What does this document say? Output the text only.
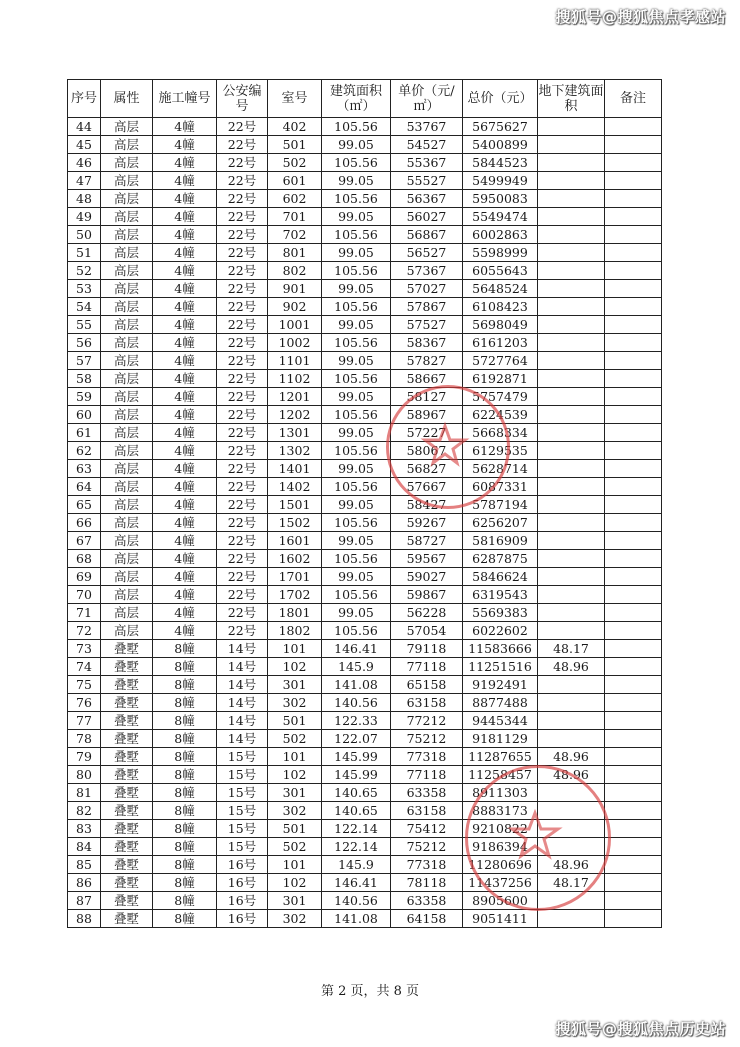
搜狐号@搜狐焦点孝感站
序号	属性	施工幢号	公安编号	室号	建筑面积（㎡）	单价（元/㎡）	总价（元）	地下建筑面积	备注
44	高层	4幢	22号	402	105.56	53767	5675627		
45	高层	4幢	22号	501	99.05	54527	5400899		
46	高层	4幢	22号	502	105.56	55367	5844523		
47	高层	4幢	22号	601	99.05	55527	5499949		
48	高层	4幢	22号	602	105.56	56367	5950083		
49	高层	4幢	22号	701	99.05	56027	5549474		
50	高层	4幢	22号	702	105.56	56867	6002863		
51	高层	4幢	22号	801	99.05	56527	5598999		
52	高层	4幢	22号	802	105.56	57367	6055643		
53	高层	4幢	22号	901	99.05	57027	5648524		
54	高层	4幢	22号	902	105.56	57867	6108423		
55	高层	4幢	22号	1001	99.05	57527	5698049		
56	高层	4幢	22号	1002	105.56	58367	6161203		
57	高层	4幢	22号	1101	99.05	57827	5727764		
58	高层	4幢	22号	1102	105.56	58667	6192871		
59	高层	4幢	22号	1201	99.05	58127	5757479		
60	高层	4幢	22号	1202	105.56	58967	6224539		
61	高层	4幢	22号	1301	99.05	57227	5668334		
62	高层	4幢	22号	1302	105.56	58067	6129535		
63	高层	4幢	22号	1401	99.05	56827	5628714		
64	高层	4幢	22号	1402	105.56	57667	6087331		
65	高层	4幢	22号	1501	99.05	58427	5787194		
66	高层	4幢	22号	1502	105.56	59267	6256207		
67	高层	4幢	22号	1601	99.05	58727	5816909		
68	高层	4幢	22号	1602	105.56	59567	6287875		
69	高层	4幢	22号	1701	99.05	59027	5846624		
70	高层	4幢	22号	1702	105.56	59867	6319543		
71	高层	4幢	22号	1801	99.05	56228	5569383		
72	高层	4幢	22号	1802	105.56	57054	6022602		
73	叠墅	8幢	14号	101	146.41	79118	11583666	48.17	
74	叠墅	8幢	14号	102	145.9	77118	11251516	48.96	
75	叠墅	8幢	14号	301	141.08	65158	9192491		
76	叠墅	8幢	14号	302	140.56	63158	8877488		
77	叠墅	8幢	14号	501	122.33	77212	9445344		
78	叠墅	8幢	14号	502	122.07	75212	9181129		
79	叠墅	8幢	15号	101	145.99	77318	11287655	48.96	
80	叠墅	8幢	15号	102	145.99	77118	11258457	48.96	
81	叠墅	8幢	15号	301	140.65	63358	8911303		
82	叠墅	8幢	15号	302	140.65	63158	8883173		
83	叠墅	8幢	15号	501	122.14	75412	9210822		
84	叠墅	8幢	15号	502	122.14	75212	9186394		
85	叠墅	8幢	16号	101	145.9	77318	11280696	48.96	
86	叠墅	8幢	16号	102	146.41	78118	11437256	48.17	
87	叠墅	8幢	16号	301	140.56	63358	8905600		
88	叠墅	8幢	16号	302	141.08	64158	9051411		
第 2 页，共 8 页
搜狐号@搜狐焦点历史站
